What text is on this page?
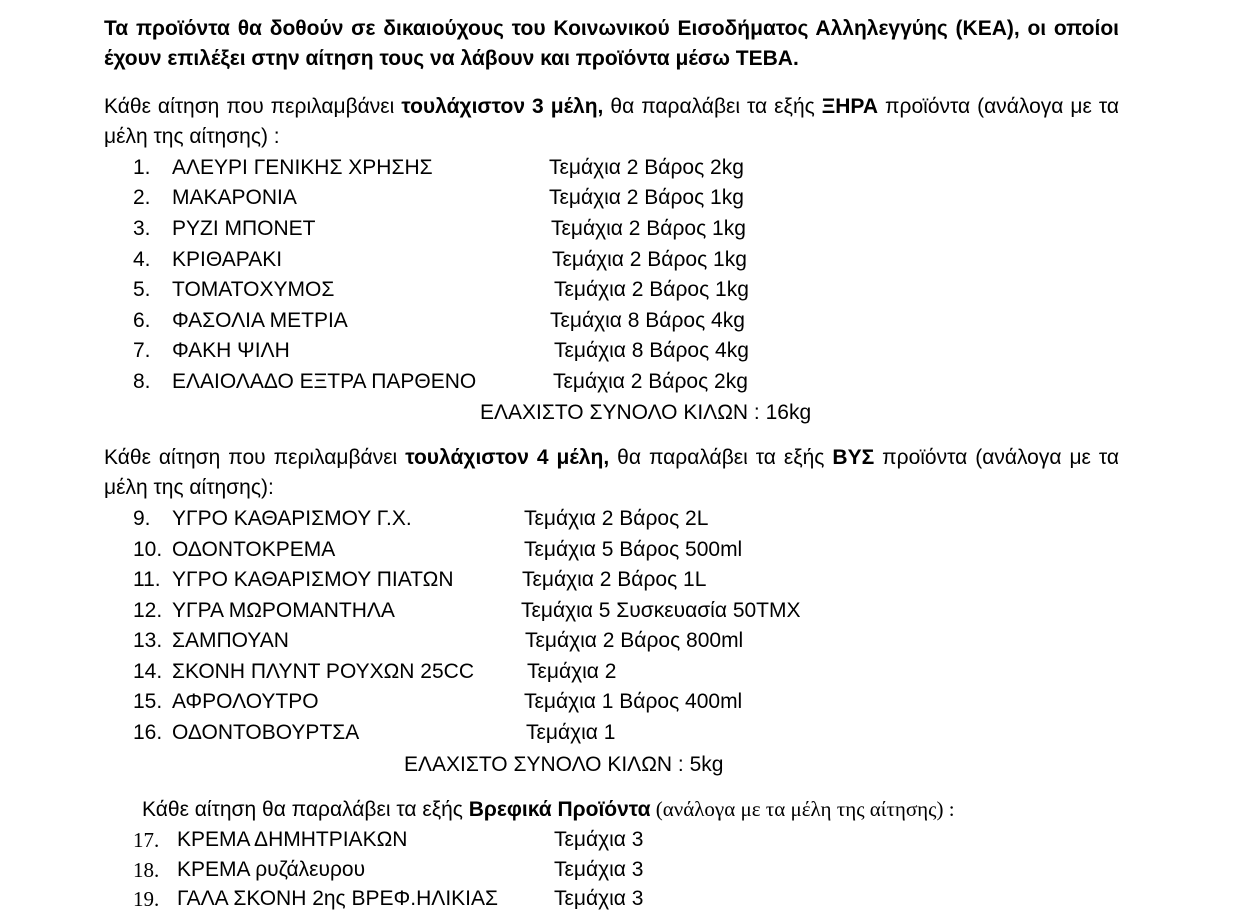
Τα προϊόντα θα δοθούν σε δικαιούχους του Κοινωνικού Εισοδήματος Αλληλεγγύης (ΚΕΑ), οι οποίοι έχουν επιλέξει στην αίτηση τους να λάβουν και προϊόντα μέσω ΤΕΒΑ.
Κάθε αίτηση που περιλαμβάνει τουλάχιστον 3 μέλη, θα παραλάβει τα εξής ΞΗΡΑ προϊόντα (ανάλογα με τα μέλη της αίτησης) :
1. ΑΛΕΥΡΙ ΓΕΝΙΚΗΣ ΧΡΗΣΗΣ	Τεμάχια 2 Βάρος 2kg
2. ΜΑΚΑΡΟΝΙΑ	Τεμάχια 2 Βάρος 1kg
3. ΡΥΖΙ ΜΠΟΝΕΤ	Τεμάχια 2 Βάρος 1kg
4. ΚΡΙΘΑΡΑΚΙ	Τεμάχια 2 Βάρος 1kg
5. ΤΟΜΑΤΟΧΥΜΟΣ	Τεμάχια 2 Βάρος 1kg
6. ΦΑΣΟΛΙΑ ΜΕΤΡΙΑ	Τεμάχια 8 Βάρος 4kg
7. ΦΑΚΗ ΨΙΛΗ	Τεμάχια 8 Βάρος 4kg
8. ΕΛΑΙΟΛΑΔΟ ΕΞΤΡΑ ΠΑΡΘΕΝΟ	Τεμάχια 2 Βάρος 2kg
ΕΛΑΧΙΣΤΟ ΣΥΝΟΛΟ ΚΙΛΩΝ : 16kg
Κάθε αίτηση που περιλαμβάνει τουλάχιστον 4 μέλη, θα παραλάβει τα εξής ΒΥΣ προϊόντα (ανάλογα με τα μέλη της αίτησης):
9. ΥΓΡΟ ΚΑΘΑΡΙΣΜΟΥ Γ.Χ.	Τεμάχια 2 Βάρος 2L
10. ΟΔΟΝΤΟΚΡΕΜΑ	Τεμάχια 5 Βάρος 500ml
11. ΥΓΡΟ ΚΑΘΑΡΙΣΜΟΥ ΠΙΑΤΩΝ	Τεμάχια 2 Βάρος 1L
12. ΥΓΡΑ ΜΩΡΟΜΑΝΤΗΛΑ	Τεμάχια 5 Συσκευασία 50ΤΜΧ
13. ΣΑΜΠΟΥΑΝ	Τεμάχια 2 Βάρος 800ml
14. ΣΚΟΝΗ ΠΛΥΝΤ ΡΟΥΧΩΝ 25CC	Τεμάχια 2
15. ΑΦΡΟΛΟΥΤΡΟ	Τεμάχια 1 Βάρος 400ml
16. ΟΔΟΝΤΟΒΟΥΡΤΣΑ	Τεμάχια 1
ΕΛΑΧΙΣΤΟ ΣΥΝΟΛΟ ΚΙΛΩΝ : 5kg
Κάθε αίτηση θα παραλάβει τα εξής Βρεφικά Προϊόντα (ανάλογα με τα μέλη της αίτησης) :
17. ΚΡΕΜΑ ΔΗΜΗΤΡΙΑΚΩΝ	Τεμάχια 3
18. ΚΡΕΜΑ ρυζάλευρου	Τεμάχια 3
19. ΓΑΛΑ ΣΚΟΝΗ 2ης ΒΡΕΦ.ΗΛΙΚΙΑΣ	Τεμάχια 3
